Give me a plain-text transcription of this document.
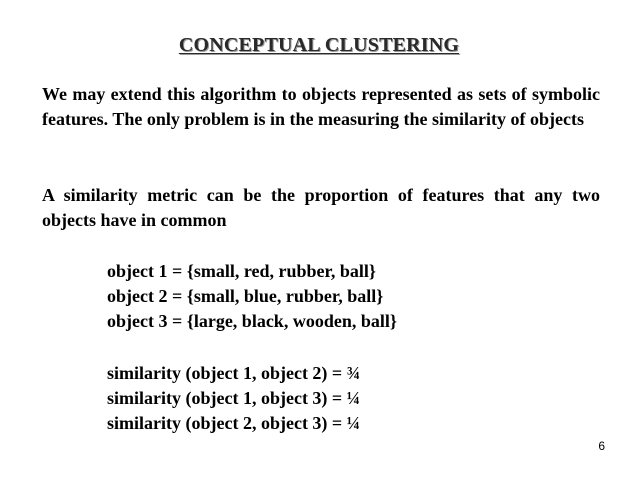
CONCEPTUAL CLUSTERING
We may extend this algorithm to objects represented as sets of symbolic features. The only problem is in the measuring the similarity of objects
A similarity metric can be the proportion of features that any two objects have in common
object 1 = {small, red, rubber, ball}
object 2 = {small, blue, rubber, ball}
object 3 = {large, black, wooden, ball}
similarity (object 1, object 2) = ¾
similarity (object 1, object 3) = ¼
similarity (object 2, object 3) = ¼
6
